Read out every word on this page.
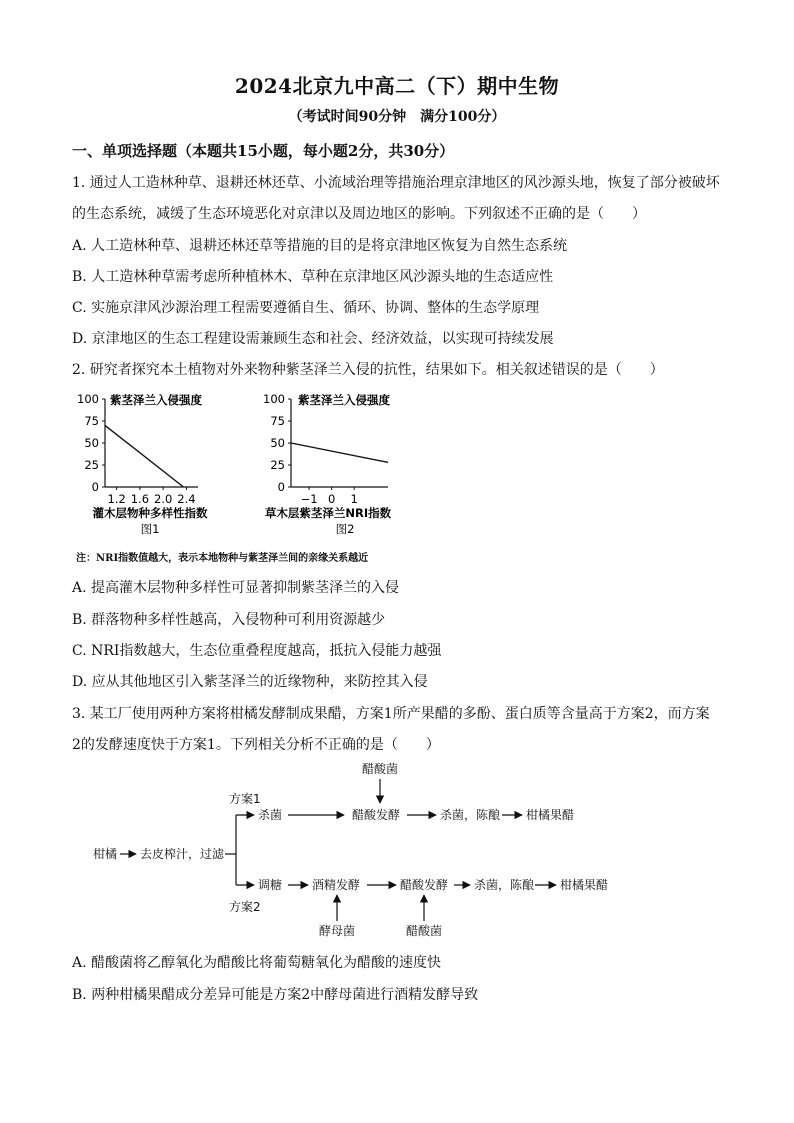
2024北京九中高二（下）期中生物
（考试时间90分钟　满分100分）
一、单项选择题（本题共15小题，每小题2分，共30分）
1. 通过人工造林种草、退耕还林还草、小流域治理等措施治理京津地区的风沙源头地，恢复了部分被破坏
的生态系统，减缓了生态环境恶化对京津以及周边地区的影响。下列叙述不正确的是（　　）
A. 人工造林种草、退耕还林还草等措施的目的是将京津地区恢复为自然生态系统
B. 人工造林种草需考虑所种植林木、草种在京津地区风沙源头地的生态适应性
C. 实施京津风沙源治理工程需要遵循自生、循环、协调、整体的生态学原理
D. 京津地区的生态工程建设需兼顾生态和社会、经济效益，以实现可持续发展
2. 研究者探究本土植物对外来物种紫茎泽兰入侵的抗性，结果如下。相关叙述错误的是（　　）
0
25
50
75
100
1.2 1.6 2.0 2.4
紫茎泽兰入侵强度
灌木层物种多样性指数
图1
0
25
50
75
100
−1 0 1
紫茎泽兰入侵强度
草木层紫茎泽兰NRI指数
图2
注：NRI指数值越大，表示本地物种与紫茎泽兰间的亲缘关系越近
A. 提高灌木层物种多样性可显著抑制紫茎泽兰的入侵
B. 群落物种多样性越高，入侵物种可利用资源越少
C. NRI指数越大，生态位重叠程度越高，抵抗入侵能力越强
D. 应从其他地区引入紫茎泽兰的近缘物种，来防控其入侵
3. 某工厂使用两种方案将柑橘发酵制成果醋，方案1所产果醋的多酚、蛋白质等含量高于方案2，而方案
2的发酵速度快于方案1。下列相关分析不正确的是（　　）
醋酸菌
方案1
杀菌	醋酸发酵	杀菌，陈酿 柑橘果醋
柑橘 去皮榨汁，过滤
调糖 酒精发酵	醋酸发酵 杀菌，陈酿 柑橘果醋
方案2
酵母菌	醋酸菌
A. 醋酸菌将乙醇氧化为醋酸比将葡萄糖氧化为醋酸的速度快
B. 两种柑橘果醋成分差异可能是方案2中酵母菌进行酒精发酵导致
